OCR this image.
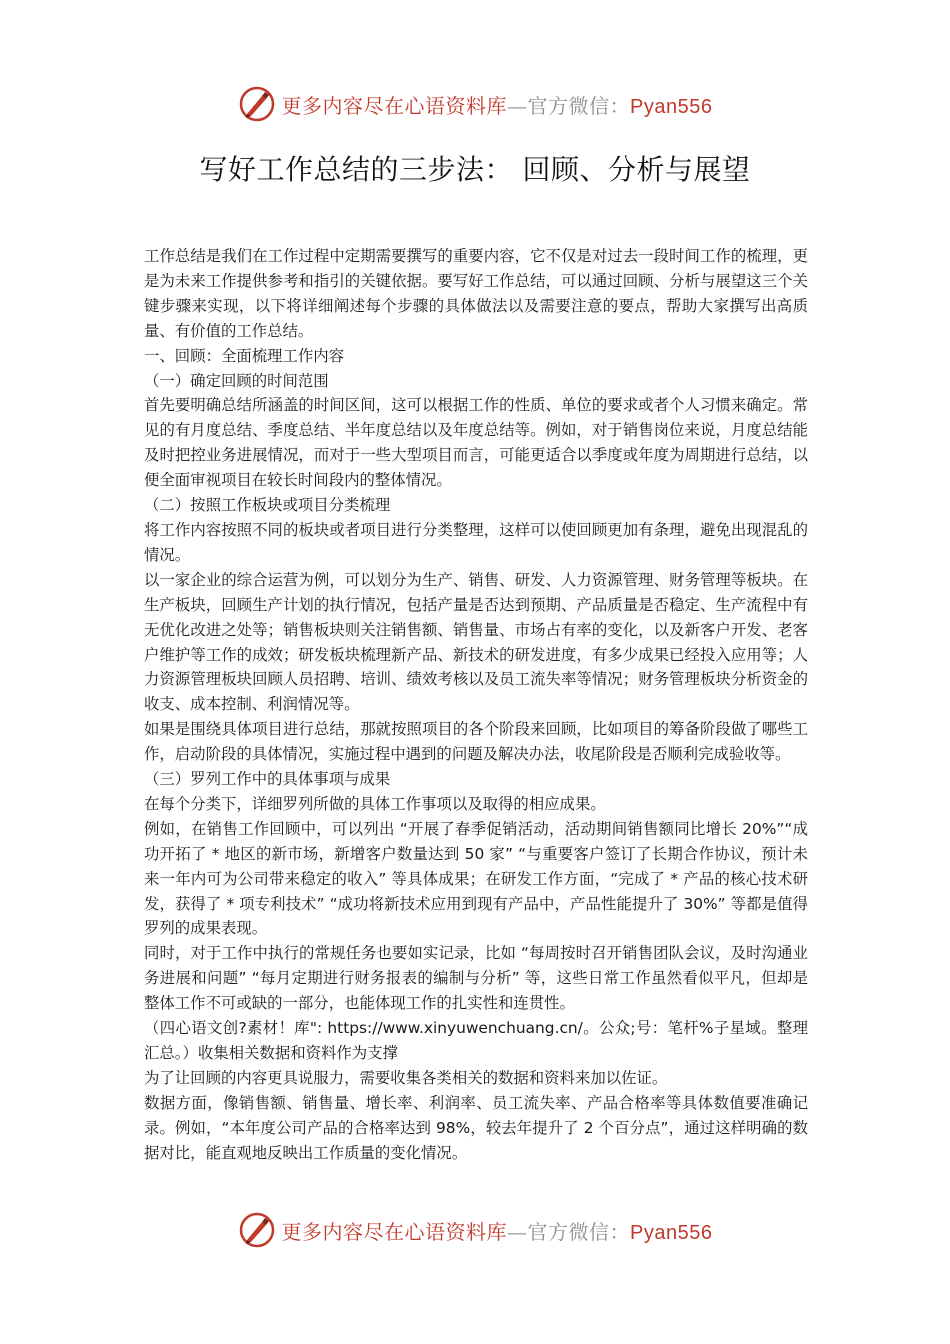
更多内容尽在心语资料库—官方微信：Pyan556
写好工作总结的三步法： 回顾、分析与展望

工作总结是我们在工作过程中定期需要撰写的重要内容，它不仅是对过去一段时间工作的梳理，更是为未来工作提供参考和指引的关键依据。要写好工作总结，可以通过回顾、分析与展望这三个关键步骤来实现，以下将详细阐述每个步骤的具体做法以及需要注意的要点，帮助大家撰写出高质量、有价值的工作总结。

一、回顾：全面梳理工作内容

（一）确定回顾的时间范围

首先要明确总结所涵盖的时间区间，这可以根据工作的性质、单位的要求或者个人习惯来确定。常见的有月度总结、季度总结、半年度总结以及年度总结等。例如，对于销售岗位来说，月度总结能及时把控业务进展情况，而对于一些大型项目而言，可能更适合以季度或年度为周期进行总结，以便全面审视项目在较长时间段内的整体情况。

（二）按照工作板块或项目分类梳理

将工作内容按照不同的板块或者项目进行分类整理，这样可以使回顾更加有条理，避免出现混乱的情况。

以一家企业的综合运营为例，可以划分为生产、销售、研发、人力资源管理、财务管理等板块。在生产板块，回顾生产计划的执行情况，包括产量是否达到预期、产品质量是否稳定、生产流程中有无优化改进之处等；销售板块则关注销售额、销售量、市场占有率的变化，以及新客户开发、老客户维护等工作的成效；研发板块梳理新产品、新技术的研发进度，有多少成果已经投入应用等；人力资源管理板块回顾人员招聘、培训、绩效考核以及员工流失率等情况；财务管理板块分析资金的收支、成本控制、利润情况等。

如果是围绕具体项目进行总结，那就按照项目的各个阶段来回顾，比如项目的筹备阶段做了哪些工作，启动阶段的具体情况，实施过程中遇到的问题及解决办法，收尾阶段是否顺利完成验收等。

（三）罗列工作中的具体事项与成果

在每个分类下，详细罗列所做的具体工作事项以及取得的相应成果。

例如，在销售工作回顾中，可以列出 “开展了春季促销活动，活动期间销售额同比增长 20%”“成功开拓了 * 地区的新市场，新增客户数量达到 50 家” “与重要客户签订了长期合作协议，预计未来一年内可为公司带来稳定的收入” 等具体成果；在研发工作方面，“完成了 * 产品的核心技术研发，获得了 * 项专利技术” “成功将新技术应用到现有产品中，产品性能提升了 30%” 等都是值得罗列的成果表现。

同时，对于工作中执行的常规任务也要如实记录，比如 “每周按时召开销售团队会议，及时沟通业务进展和问题” “每月定期进行财务报表的编制与分析” 等，这些日常工作虽然看似平凡，但却是整体工作不可或缺的一部分，也能体现工作的扎实性和连贯性。

（四心语文创?素材！库": https://www.xinyuwenchuang.cn/。公众;号：笔杆%子星域。整理汇总。）收集相关数据和资料作为支撑

为了让回顾的内容更具说服力，需要收集各类相关的数据和资料来加以佐证。

数据方面，像销售额、销售量、增长率、利润率、员工流失率、产品合格率等具体数值要准确记录。例如，“本年度公司产品的合格率达到 98%，较去年提升了 2 个百分点”，通过这样明确的数据对比，能直观地反映出工作质量的变化情况。

更多内容尽在心语资料库—官方微信：Pyan556
